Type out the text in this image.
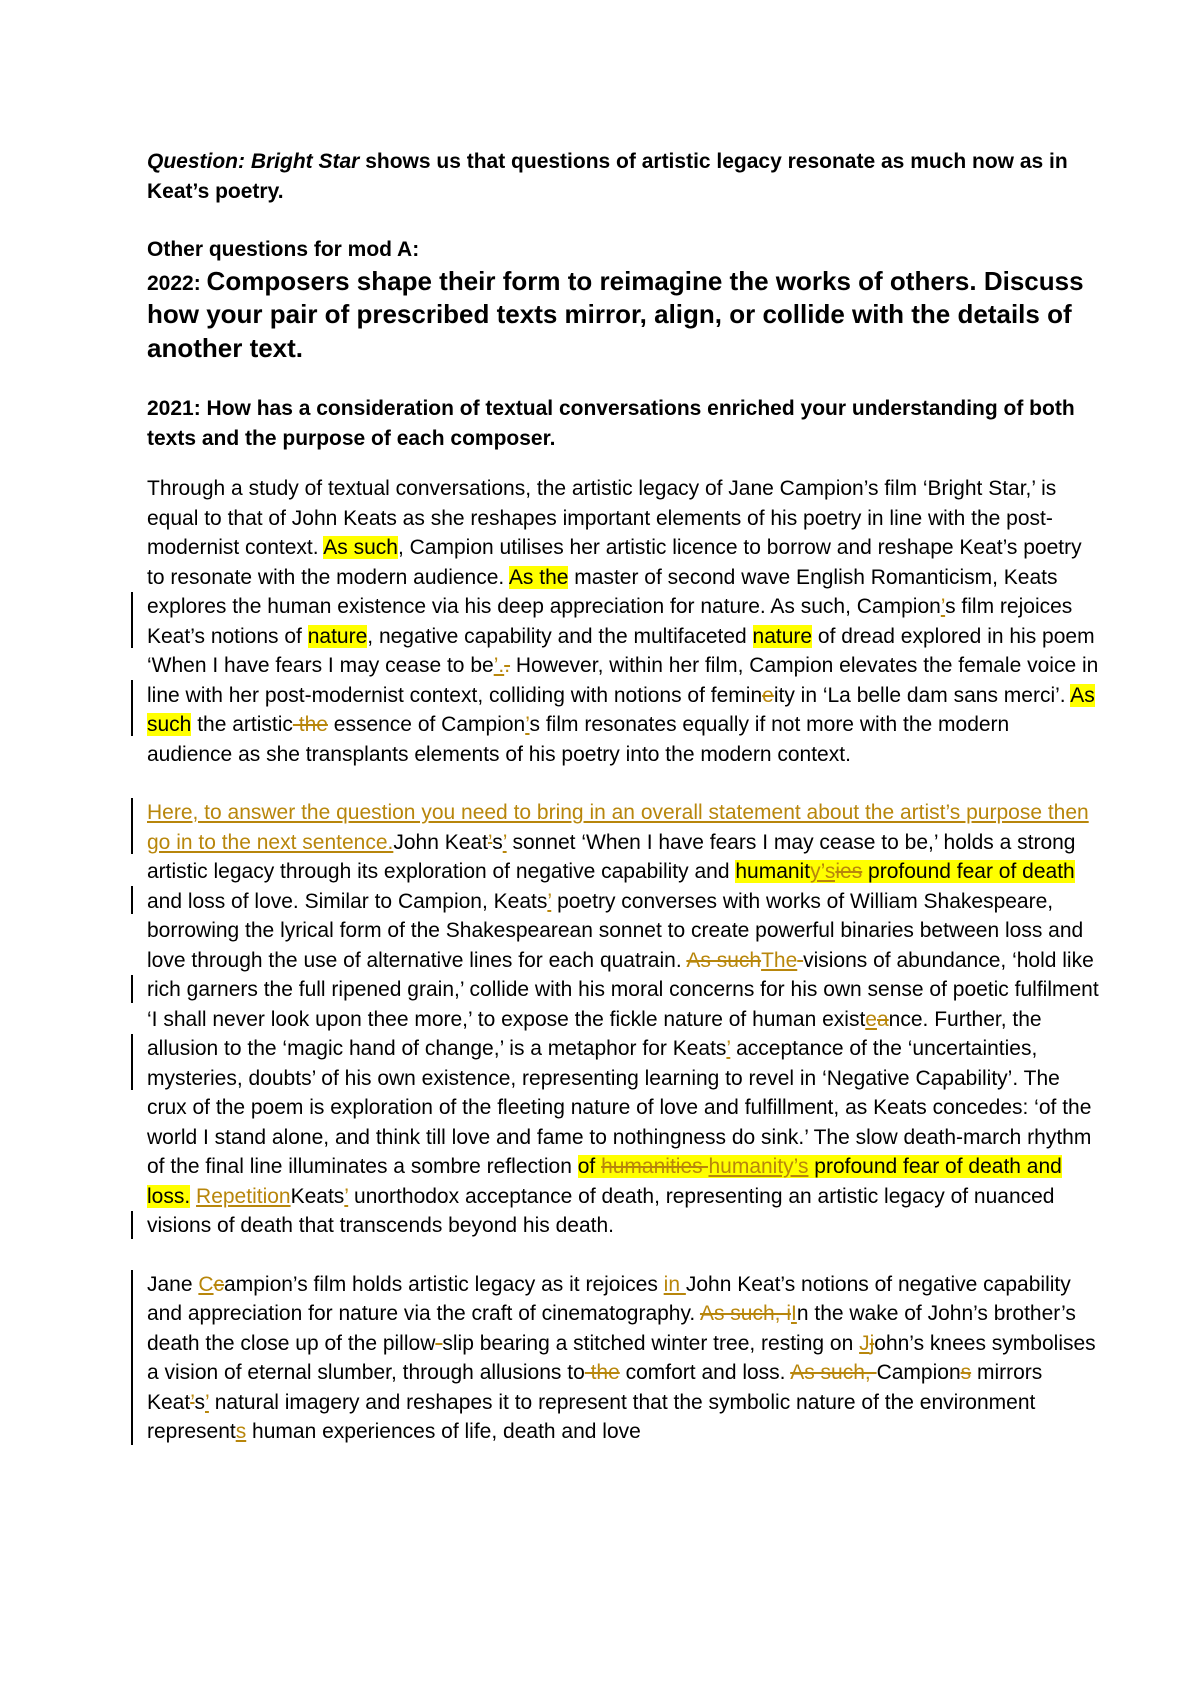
Question: Bright Star shows us that questions of artistic legacy resonate as much now as in Keat’s poetry.

Other questions for mod A:

2022: Composers shape their form to reimagine the works of others. Discuss how your pair of prescribed texts mirror, align, or collide with the details of another text.

2021: How has a consideration of textual conversations enriched your understanding of both texts and the purpose of each composer.

Through a study of textual conversations, the artistic legacy of Jane Campion’s film ‘Bright Star,’ is equal to that of John Keats as she reshapes important elements of his poetry in line with the post-modernist context. As such, Campion utilises her artistic licence to borrow and reshape Keat’s poetry to resonate with the modern audience. As the master of second wave English Romanticism, Keats explores the human existence via his deep appreciation for nature. As such, Campion’s film rejoices Keat’s notions of nature, negative capability and the multifaceted nature of dread explored in his poem ‘When I have fears I may cease to be’.. However, within her film, Campion elevates the female voice in line with her post-modernist context, colliding with notions of femineity in ‘La belle dam sans merci’. As such the artistic the essence of Campion’s film resonates equally if not more with the modern audience as she transplants elements of his poetry into the modern context.

Here, to answer the question you need to bring in an overall statement about the artist’s purpose then go in to the next sentence.John Keat’s’ sonnet ‘When I have fears I may cease to be,’ holds a strong artistic legacy through its exploration of negative capability and humanity’sies profound fear of death and loss of love. Similar to Campion, Keats’ poetry converses with works of William Shakespeare, borrowing the lyrical form of the Shakespearean sonnet to create powerful binaries between loss and love through the use of alternative lines for each quatrain. As suchThe visions of abundance, ‘hold like rich garners the full ripened grain,’ collide with his moral concerns for his own sense of poetic fulfilment ‘I shall never look upon thee more,’ to expose the fickle nature of human existeance. Further, the allusion to the ‘magic hand of change,’ is a metaphor for Keats’ acceptance of the ‘uncertainties, mysteries, doubts’ of his own existence, representing learning to revel in ‘Negative Capability’. The crux of the poem is exploration of the fleeting nature of love and fulfillment, as Keats concedes: ‘of the world I stand alone, and think till love and fame to nothingness do sink.’ The slow death-march rhythm of the final line illuminates a sombre reflection of humanities humanity’s profound fear of death and loss. RepetitionKeats’ unorthodox acceptance of death, representing an artistic legacy of nuanced visions of death that transcends beyond his death.

Jane Ccampion’s film holds artistic legacy as it rejoices in John Keat’s notions of negative capability and appreciation for nature via the craft of cinematography. As such, iIn the wake of John’s brother’s death the close up of the pillow-slip bearing a stitched winter tree, resting on Jjohn’s knees symbolises a vision of eternal slumber, through allusions to the comfort and loss. As such, Campions mirrors Keat’s’ natural imagery and reshapes it to represent that the symbolic nature of the environment represents human experiences of life, death and love
